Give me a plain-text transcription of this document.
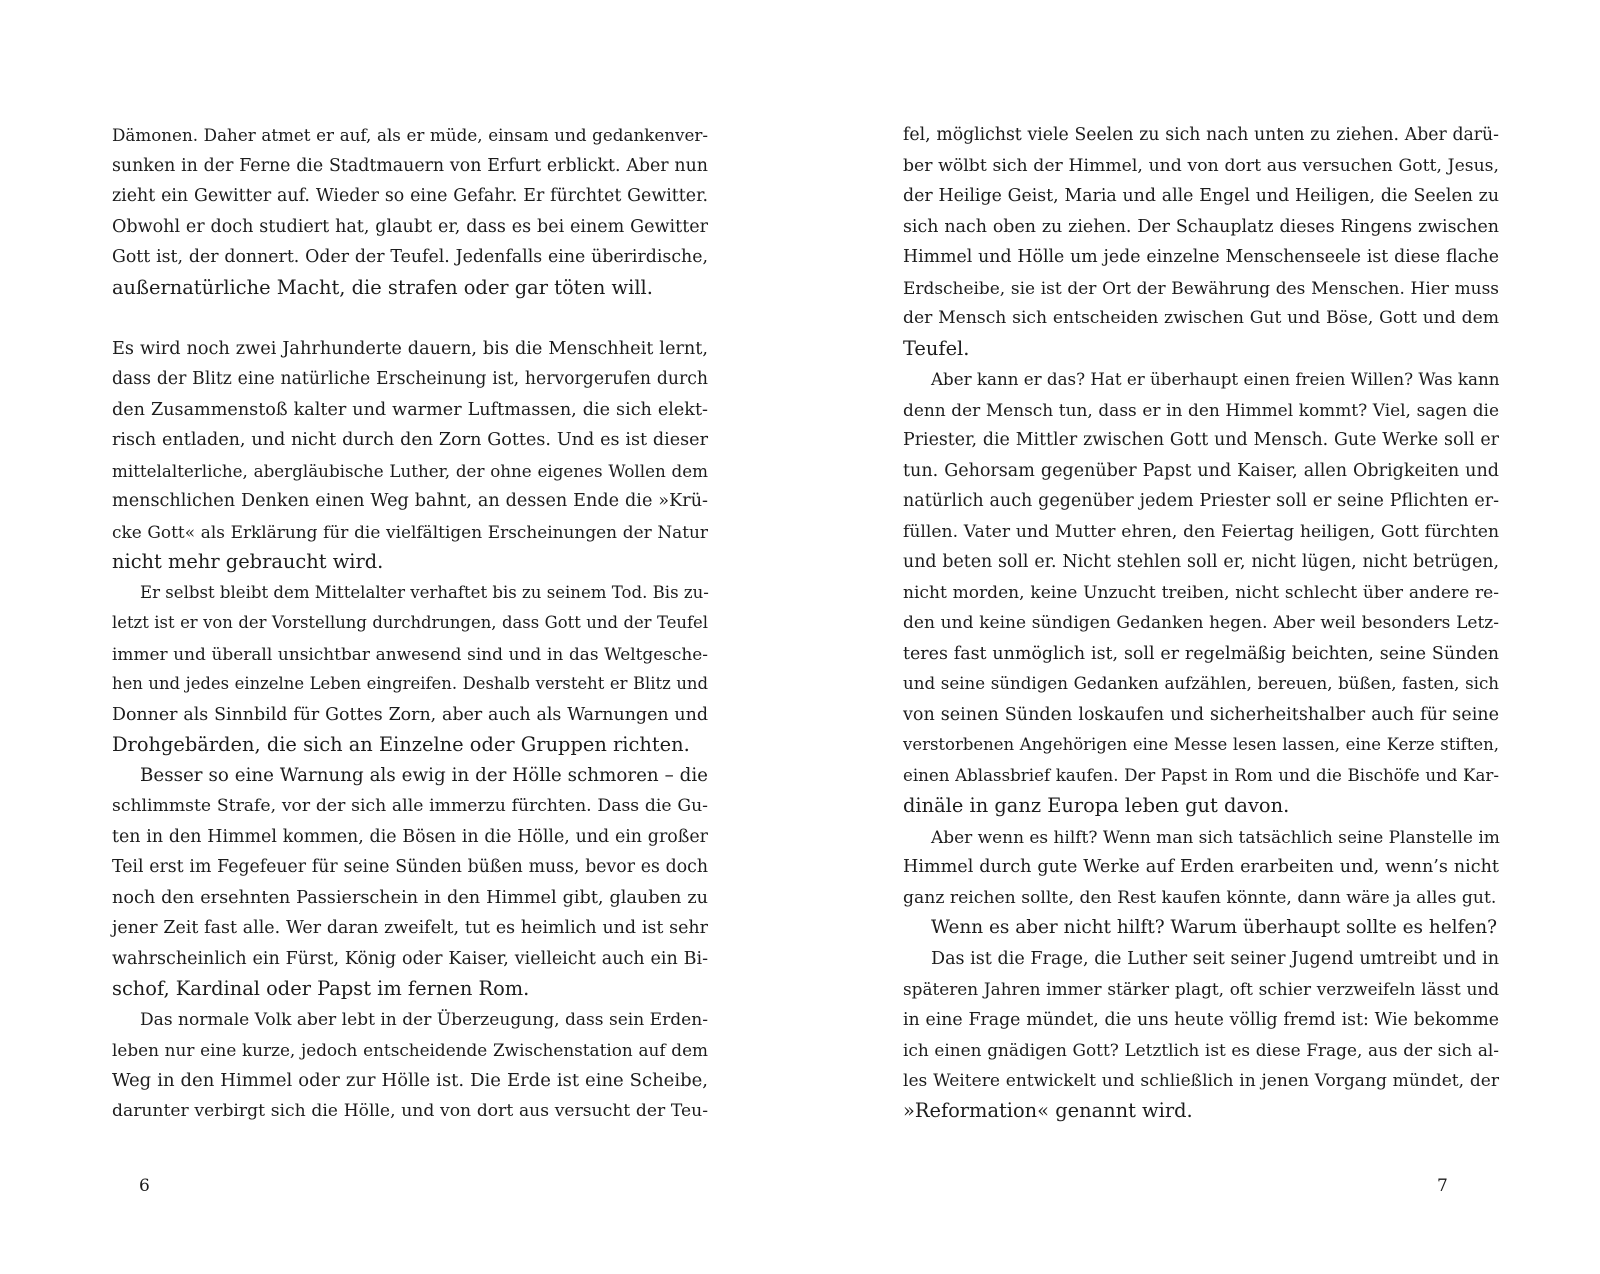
Dämonen. Daher atmet er auf, als er müde, einsam und gedankenver-
sunken in der Ferne die Stadtmauern von Erfurt erblickt. Aber nun
zieht ein Gewitter auf. Wieder so eine Gefahr. Er fürchtet Gewitter.
Obwohl er doch studiert hat, glaubt er, dass es bei einem Gewitter
Gott ist, der donnert. Oder der Teufel. Jedenfalls eine überirdische,
außernatürliche Macht, die strafen oder gar töten will.
Es wird noch zwei Jahrhunderte dauern, bis die Menschheit lernt,
dass der Blitz eine natürliche Erscheinung ist, hervorgerufen durch
den Zusammenstoß kalter und warmer Luftmassen, die sich elekt-
risch entladen, und nicht durch den Zorn Gottes. Und es ist dieser
mittelalterliche, abergläubische Luther, der ohne eigenes Wollen dem
menschlichen Denken einen Weg bahnt, an dessen Ende die »Krü-
cke Gott« als Erklärung für die vielfältigen Erscheinungen der Natur
nicht mehr gebraucht wird.
Er selbst bleibt dem Mittelalter verhaftet bis zu seinem Tod. Bis zu-
letzt ist er von der Vorstellung durchdrungen, dass Gott und der Teufel
immer und überall unsichtbar anwesend sind und in das Weltgesche-
hen und jedes einzelne Leben eingreifen. Deshalb versteht er Blitz und
Donner als Sinnbild für Gottes Zorn, aber auch als Warnungen und
Drohgebärden, die sich an Einzelne oder Gruppen richten.
Besser so eine Warnung als ewig in der Hölle schmoren – die
schlimmste Strafe, vor der sich alle immerzu fürchten. Dass die Gu-
ten in den Himmel kommen, die Bösen in die Hölle, und ein großer
Teil erst im Fegefeuer für seine Sünden büßen muss, bevor es doch
noch den ersehnten Passierschein in den Himmel gibt, glauben zu
jener Zeit fast alle. Wer daran zweifelt, tut es heimlich und ist sehr
wahrscheinlich ein Fürst, König oder Kaiser, vielleicht auch ein Bi-
schof, Kardinal oder Papst im fernen Rom.
Das normale Volk aber lebt in der Überzeugung, dass sein Erden-
leben nur eine kurze, jedoch entscheidende Zwischenstation auf dem
Weg in den Himmel oder zur Hölle ist. Die Erde ist eine Scheibe,
darunter verbirgt sich die Hölle, und von dort aus versucht der Teu-
6
fel, möglichst viele Seelen zu sich nach unten zu ziehen. Aber darü-
ber wölbt sich der Himmel, und von dort aus versuchen Gott, Jesus,
der Heilige Geist, Maria und alle Engel und Heiligen, die Seelen zu
sich nach oben zu ziehen. Der Schauplatz dieses Ringens zwischen
Himmel und Hölle um jede einzelne Menschenseele ist diese flache
Erdscheibe, sie ist der Ort der Bewährung des Menschen. Hier muss
der Mensch sich entscheiden zwischen Gut und Böse, Gott und dem
Teufel.
Aber kann er das? Hat er überhaupt einen freien Willen? Was kann
denn der Mensch tun, dass er in den Himmel kommt? Viel, sagen die
Priester, die Mittler zwischen Gott und Mensch. Gute Werke soll er
tun. Gehorsam gegenüber Papst und Kaiser, allen Obrigkeiten und
natürlich auch gegenüber jedem Priester soll er seine Pflichten er-
füllen. Vater und Mutter ehren, den Feiertag heiligen, Gott fürchten
und beten soll er. Nicht stehlen soll er, nicht lügen, nicht betrügen,
nicht morden, keine Unzucht treiben, nicht schlecht über andere re-
den und keine sündigen Gedanken hegen. Aber weil besonders Letz-
teres fast unmöglich ist, soll er regelmäßig beichten, seine Sünden
und seine sündigen Gedanken aufzählen, bereuen, büßen, fasten, sich
von seinen Sünden loskaufen und sicherheitshalber auch für seine
verstorbenen Angehörigen eine Messe lesen lassen, eine Kerze stiften,
einen Ablassbrief kaufen. Der Papst in Rom und die Bischöfe und Kar-
dinäle in ganz Europa leben gut davon.
Aber wenn es hilft? Wenn man sich tatsächlich seine Planstelle im
Himmel durch gute Werke auf Erden erarbeiten und, wenn’s nicht
ganz reichen sollte, den Rest kaufen könnte, dann wäre ja alles gut.
Wenn es aber nicht hilft? Warum überhaupt sollte es helfen?
Das ist die Frage, die Luther seit seiner Jugend umtreibt und in
späteren Jahren immer stärker plagt, oft schier verzweifeln lässt und
in eine Frage mündet, die uns heute völlig fremd ist: Wie bekomme
ich einen gnädigen Gott? Letztlich ist es diese Frage, aus der sich al-
les Weitere entwickelt und schließlich in jenen Vorgang mündet, der
»Reformation« genannt wird.
7
